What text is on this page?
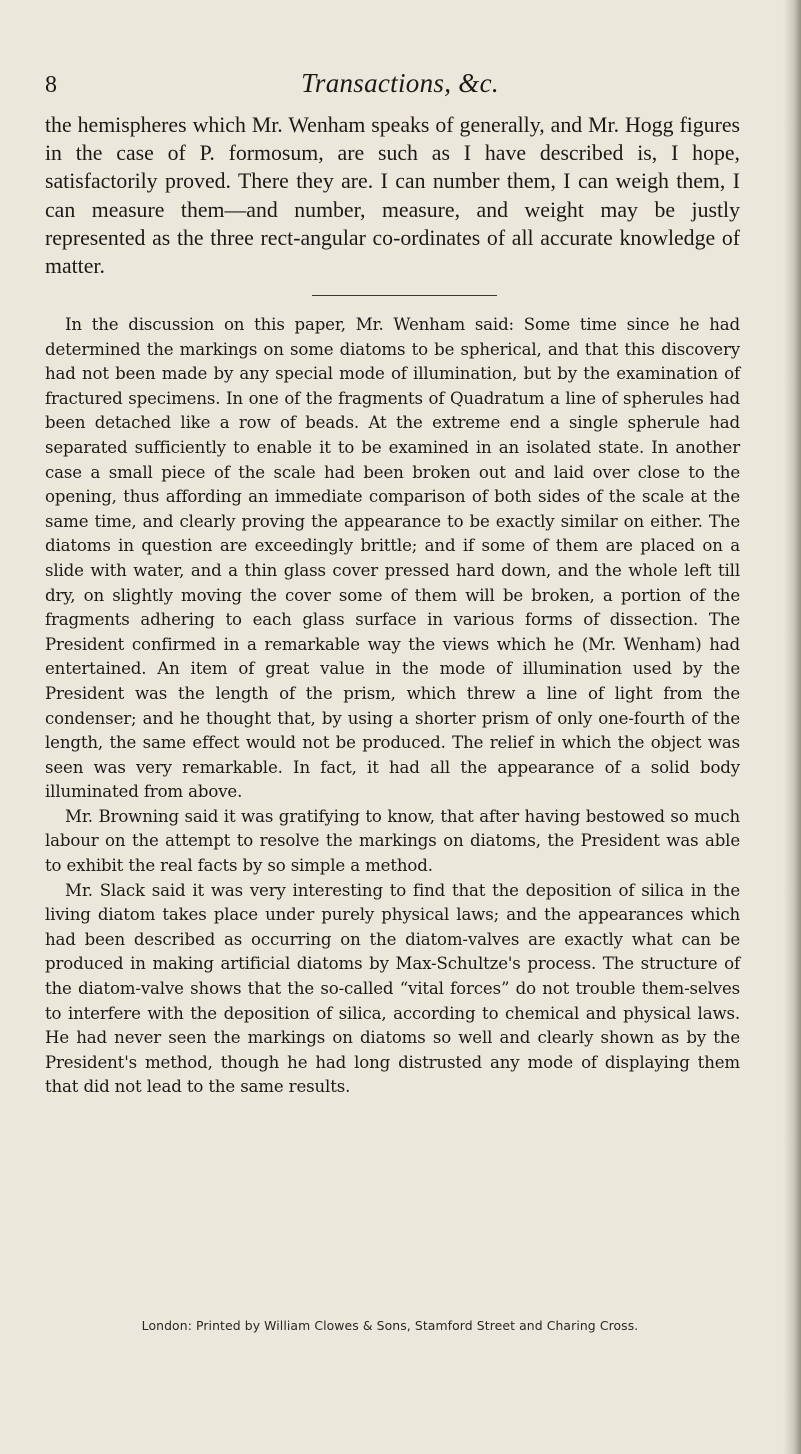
8	Transactions, &c.
the hemispheres which Mr. Wenham speaks of generally, and Mr. Hogg figures in the case of P. formosum, are such as I have described is, I hope, satisfactorily proved. There they are. I can number them, I can weigh them, I can measure them—and number, measure, and weight may be justly represented as the three rect-angular co-ordinates of all accurate knowledge of matter.

In the discussion on this paper, Mr. Wenham said: Some time since he had determined the markings on some diatoms to be spherical, and that this discovery had not been made by any special mode of illumination, but by the examination of fractured specimens. In one of the fragments of Quadratum a line of spherules had been detached like a row of beads. At the extreme end a single spherule had separated sufficiently to enable it to be examined in an isolated state. In another case a small piece of the scale had been broken out and laid over close to the opening, thus affording an immediate comparison of both sides of the scale at the same time, and clearly proving the appearance to be exactly similar on either. The diatoms in question are exceedingly brittle; and if some of them are placed on a slide with water, and a thin glass cover pressed hard down, and the whole left till dry, on slightly moving the cover some of them will be broken, a portion of the fragments adhering to each glass surface in various forms of dissection. The President confirmed in a remarkable way the views which he (Mr. Wenham) had entertained. An item of great value in the mode of illumination used by the President was the length of the prism, which threw a line of light from the condenser; and he thought that, by using a shorter prism of only one-fourth of the length, the same effect would not be produced. The relief in which the object was seen was very remarkable. In fact, it had all the appearance of a solid body illuminated from above.

Mr. Browning said it was gratifying to know, that after having bestowed so much labour on the attempt to resolve the markings on diatoms, the President was able to exhibit the real facts by so simple a method.

Mr. Slack said it was very interesting to find that the deposition of silica in the living diatom takes place under purely physical laws; and the appearances which had been described as occurring on the diatom-valves are exactly what can be produced in making artificial diatoms by Max-Schultze's process. The structure of the diatom-valve shows that the so-called “vital forces” do not trouble them-selves to interfere with the deposition of silica, according to chemical and physical laws. He had never seen the markings on diatoms so well and clearly shown as by the President's method, though he had long distrusted any mode of displaying them that did not lead to the same results.

London: Printed by William Clowes & Sons, Stamford Street and Charing Cross.
